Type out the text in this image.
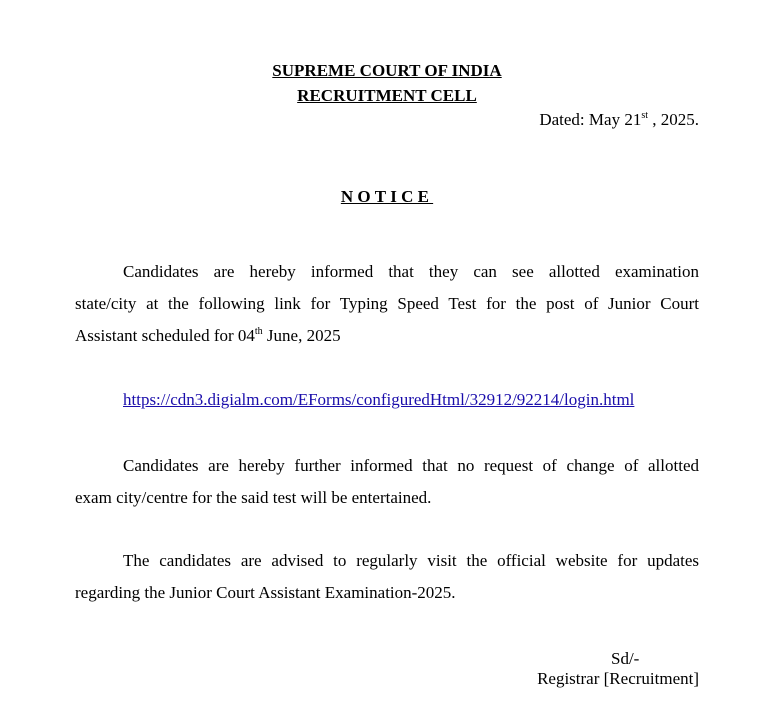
SUPREME COURT OF INDIA
RECRUITMENT CELL
Dated: May 21st , 2025.
NOTICE
Candidates are hereby informed that they can see allotted examination
state/city at the following link for Typing Speed Test for the post of Junior Court
Assistant scheduled for 04th June, 2025
https://cdn3.digialm.com/EForms/configuredHtml/32912/92214/login.html
Candidates are hereby further informed that no request of change of allotted
exam city/centre for the said test will be entertained.
The candidates are advised to regularly visit the official website for updates
regarding the Junior Court Assistant Examination-2025.
Sd/-
Registrar [Recruitment]
